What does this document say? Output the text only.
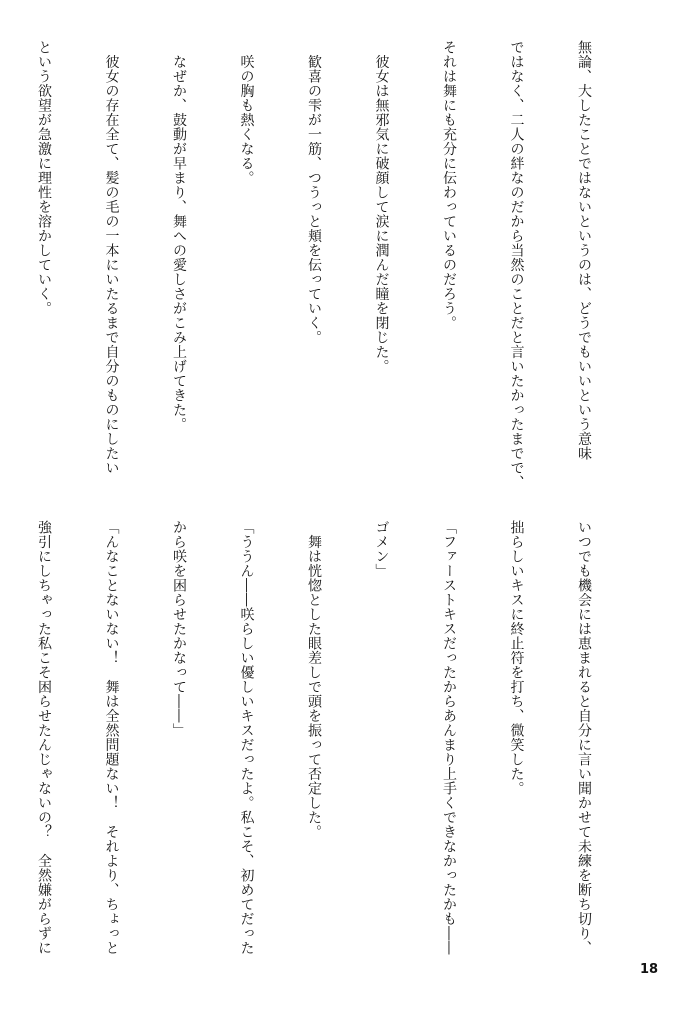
無論、大したことではないというのは、どうでもいいという意味

ではなく、二人の絆なのだから当然のことだと言いたかったまでで、

それは舞にも充分に伝わっているのだろう。

　彼女は無邪気に破顔して涙に潤んだ瞳を閉じた。

　歓喜の雫が一筋、つうっと頬を伝っていく。

　咲の胸も熱くなる。

　なぜか、鼓動が早まり、舞への愛しさがこみ上げてきた。

　彼女の存在全て、髪の毛の一本にいたるまで自分のものにしたい

という欲望が急激に理性を溶かしていく。

いつでも機会には恵まれると自分に言い聞かせて未練を断ち切り、

拙らしいキスに終止符を打ち、微笑した。

「ファーストキスだったからあんまり上手くできなかったかも――

ゴメン」

　舞は恍惚とした眼差しで頭を振って否定した。

「ううん――咲らしい優しいキスだったよ。私こそ、初めてだった

から咲を困らせたかなって――」

「んなことないない！　舞は全然問題ない！　それより、ちょっと

強引にしちゃった私こそ困らせたんじゃないの？　全然嫌がらずに

18
